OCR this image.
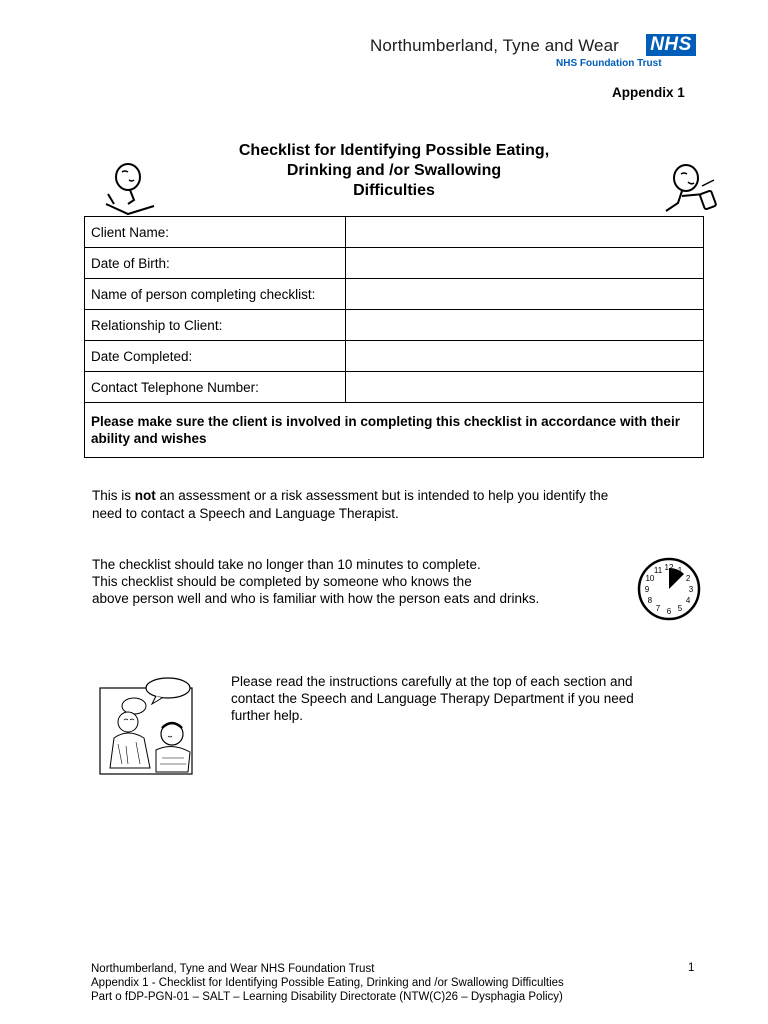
Northumberland, Tyne and Wear NHS
NHS Foundation Trust
Appendix 1
Checklist for Identifying Possible Eating,
Drinking and /or Swallowing
Difficulties
Client Name:	
Date of Birth:	
Name of person completing checklist:	
Relationship to Client:	
Date Completed:	
Contact Telephone Number:	
Please make sure the client is involved in completing this checklist in accordance with their ability and wishes	
This is not an assessment or a risk assessment but is intended to help you identify the
need to contact a Speech and Language Therapist.
The checklist should take no longer than 10 minutes to complete.
This checklist should be completed by someone who knows the
above person well and who is familiar with how the person eats and drinks.
11 12 1
2
3
4
5
6
7
8
9
10
Please read the instructions carefully at the top of each section and
contact the Speech and Language Therapy Department if you need
further help.
Northumberland, Tyne and Wear NHS Foundation Trust
Appendix 1 - Checklist for Identifying Possible Eating, Drinking and /or Swallowing Difficulties
Part o fDP-PGN-01 – SALT – Learning Disability Directorate (NTW(C)26 – Dysphagia Policy)
1
